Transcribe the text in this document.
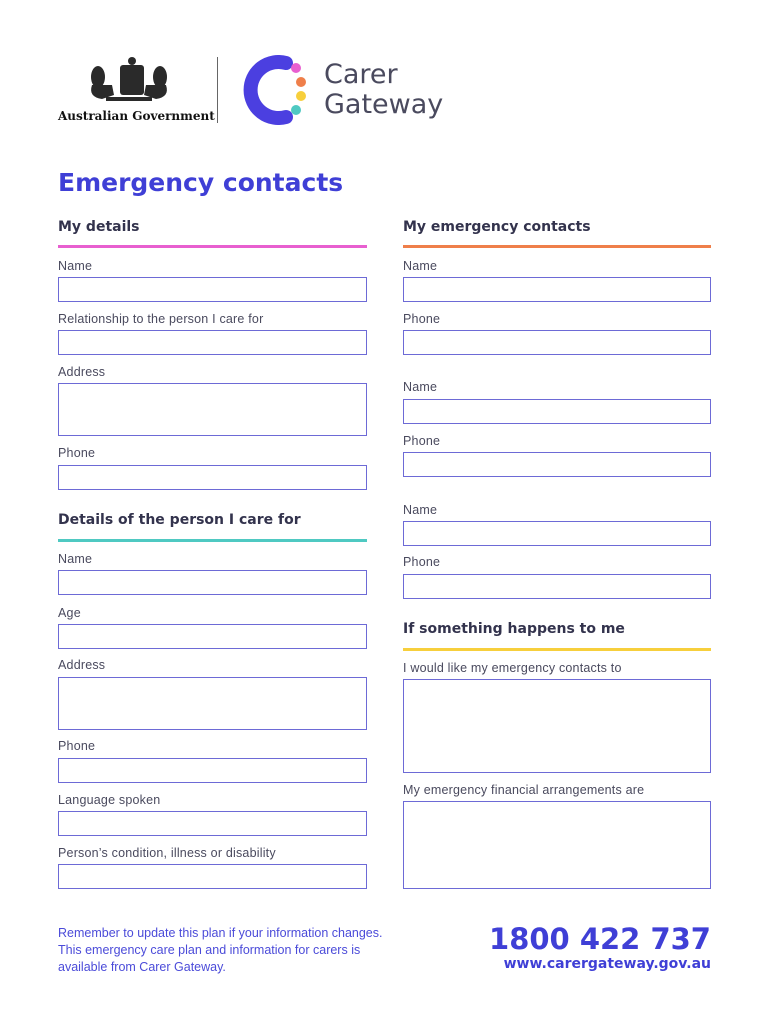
Australian Government
Carer
Gateway
Emergency contacts
My details
Name
Relationship to the person I care for
Address
Phone
Details of the person I care for
Name
Age
Address
Phone
Language spoken
Person’s condition, illness or disability
My emergency contacts
Name
Phone
Name
Phone
Name
Phone
If something happens to me
I would like my emergency contacts to
My emergency financial arrangements are
Remember to update this plan if your information changes.
This emergency care plan and information for carers is
available from Carer Gateway.
1800 422 737
www.carergateway.gov.au
